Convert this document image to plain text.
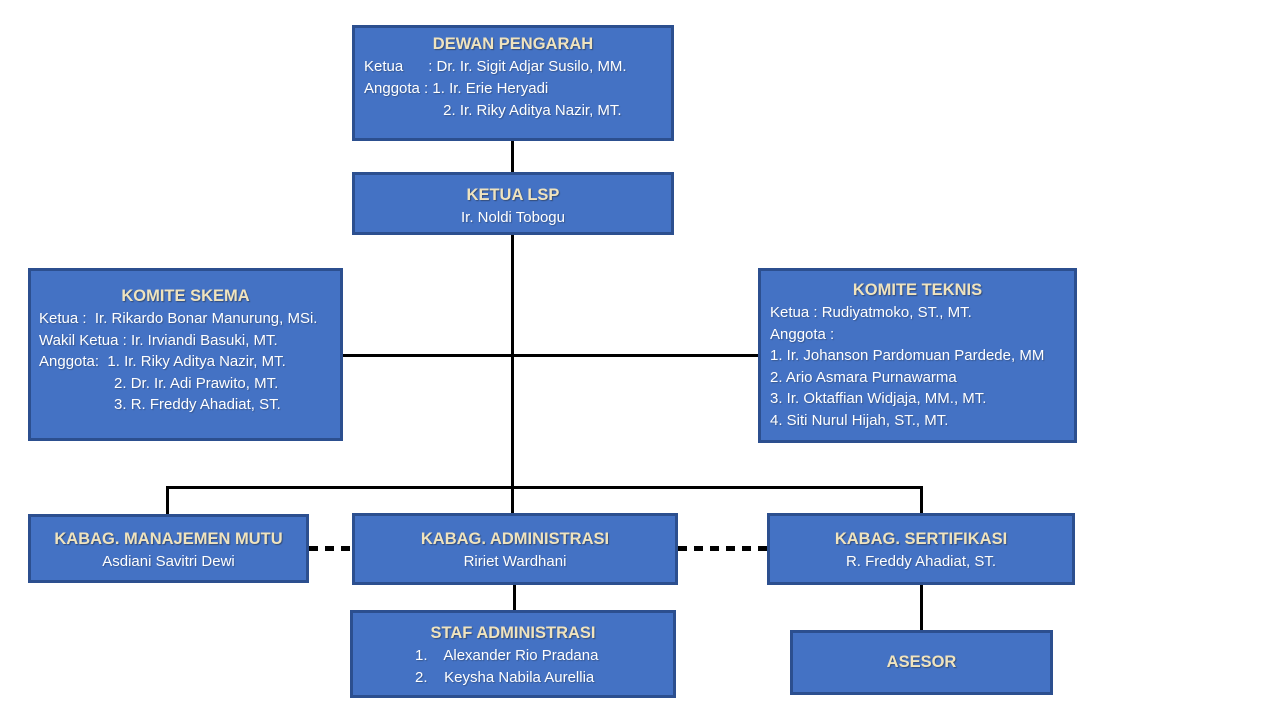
DEWAN PENGARAH
Ketua      : Dr. Ir. Sigit Adjar Susilo, MM.
Anggota : 1. Ir. Erie Heryadi
2. Ir. Riky Aditya Nazir, MT.
KETUA LSP
Ir. Noldi Tobogu
KOMITE SKEMA
Ketua :  Ir. Rikardo Bonar Manurung, MSi.
Wakil Ketua : Ir. Irviandi Basuki, MT.
Anggota:  1. Ir. Riky Aditya Nazir, MT.
2. Dr. Ir. Adi Prawito, MT.
3. R. Freddy Ahadiat, ST.
KOMITE TEKNIS
Ketua : Rudiyatmoko, ST., MT.
Anggota :
1. Ir. Johanson Pardomuan Pardede, MM
2. Ario Asmara Purnawarma
3. Ir. Oktaffian Widjaja, MM., MT.
4. Siti Nurul Hijah, ST., MT.
KABAG. MANAJEMEN MUTU
Asdiani Savitri Dewi
KABAG. ADMINISTRASI
Ririet Wardhani
KABAG. SERTIFIKASI
R. Freddy Ahadiat, ST.
STAF ADMINISTRASI
1.    Alexander Rio Pradana
2.    Keysha Nabila Aurellia
ASESOR
